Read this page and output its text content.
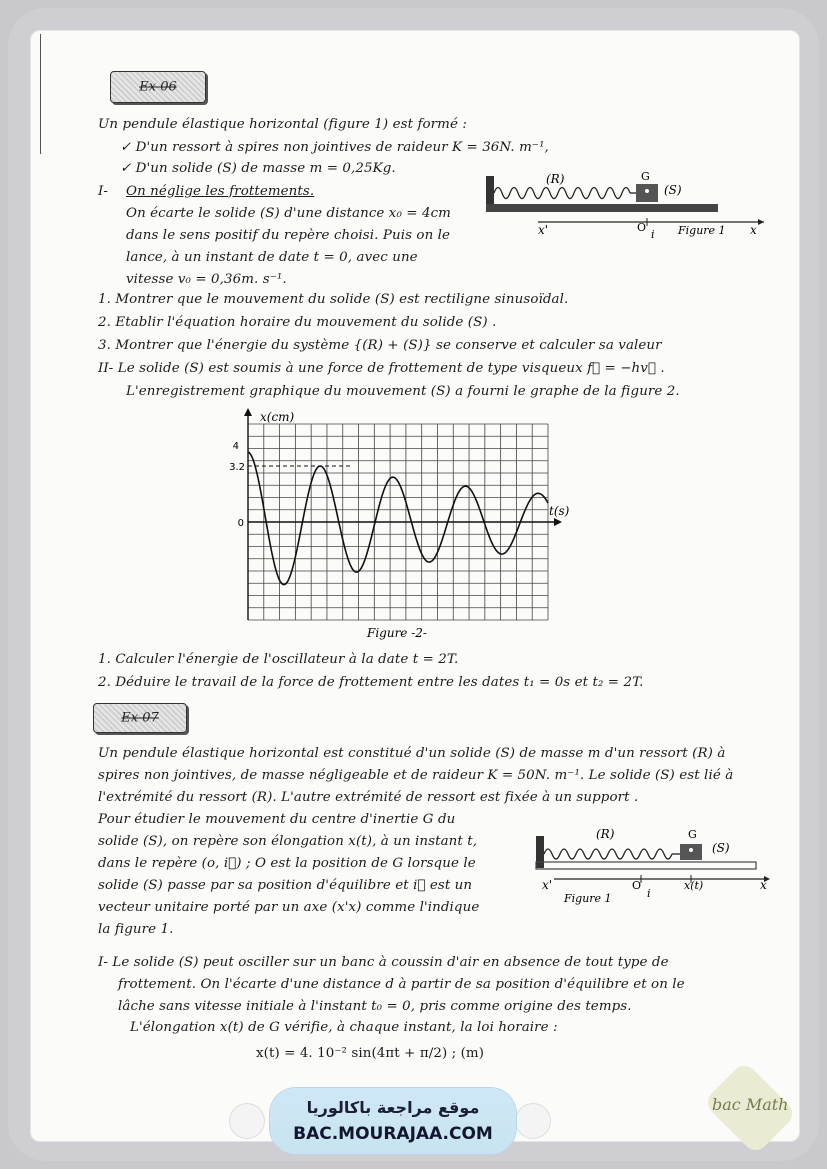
Ex 06
Un pendule élastique horizontal (figure 1) est formé :
✓ D'un ressort à spires non jointives de raideur K = 36N. m⁻¹,
✓ D'un solide (S) de masse m = 0,25Kg.
I- On néglige les frottements.
On écarte le solide (S) d'une distance x₀ = 4cm
dans le sens positif du repère choisi. Puis on le
lance, à un instant de date t = 0, avec une
vitesse v₀ = 0,36m. s⁻¹.
(R)	G
(S)
x'	O
i Figure 1 x
1. Montrer que le mouvement du solide (S) est rectiligne sinusoïdal.
2. Etablir l'équation horaire du mouvement du solide (S) .
3. Montrer que l'énergie du système {(R) + (S)} se conserve et calculer sa valeur
II- Le solide (S) est soumis à une force de frottement de type visqueux f⃗ = −hv⃗ .
L'enregistrement graphique du mouvement (S) a fourni le graphe de la figure 2.
x(cm)
t(s)
4
3.2
0
Figure -2-
1. Calculer l'énergie de l'oscillateur à la date t = 2T.
2. Déduire le travail de la force de frottement entre les dates t₁ = 0s et t₂ = 2T.
Ex 07
Un pendule élastique horizontal est constitué d'un solide (S) de masse m d'un ressort (R) à
spires non jointives, de masse négligeable et de raideur K = 50N. m⁻¹. Le solide (S) est lié à
l'extrémité du ressort (R). L'autre extrémité de ressort est fixée à un support .
Pour étudier le mouvement du centre d'inertie G du
solide (S), on repère son élongation x(t), à un instant t,
dans le repère (o, i⃗) ; O est la position de G lorsque le
solide (S) passe par sa position d'équilibre et i⃗ est un
vecteur unitaire porté par un axe (x'x) comme l'indique
la figure 1.
(R)	G
(S)
x'	O
i
x(t)
Figure 1
x
I- Le solide (S) peut osciller sur un banc à coussin d'air en absence de tout type de
frottement. On l'écarte d'une distance d à partir de sa position d'équilibre et on le
lâche sans vitesse initiale à l'instant t₀ = 0, pris comme origine des temps.
L'élongation x(t) de G vérifie, à chaque instant, la loi horaire :
x(t) = 4. 10⁻² sin(4πt + π/2) ; (m)
موقع مراجعة باكالوريا
BAC.MOURAJAA.COM
bac Math
